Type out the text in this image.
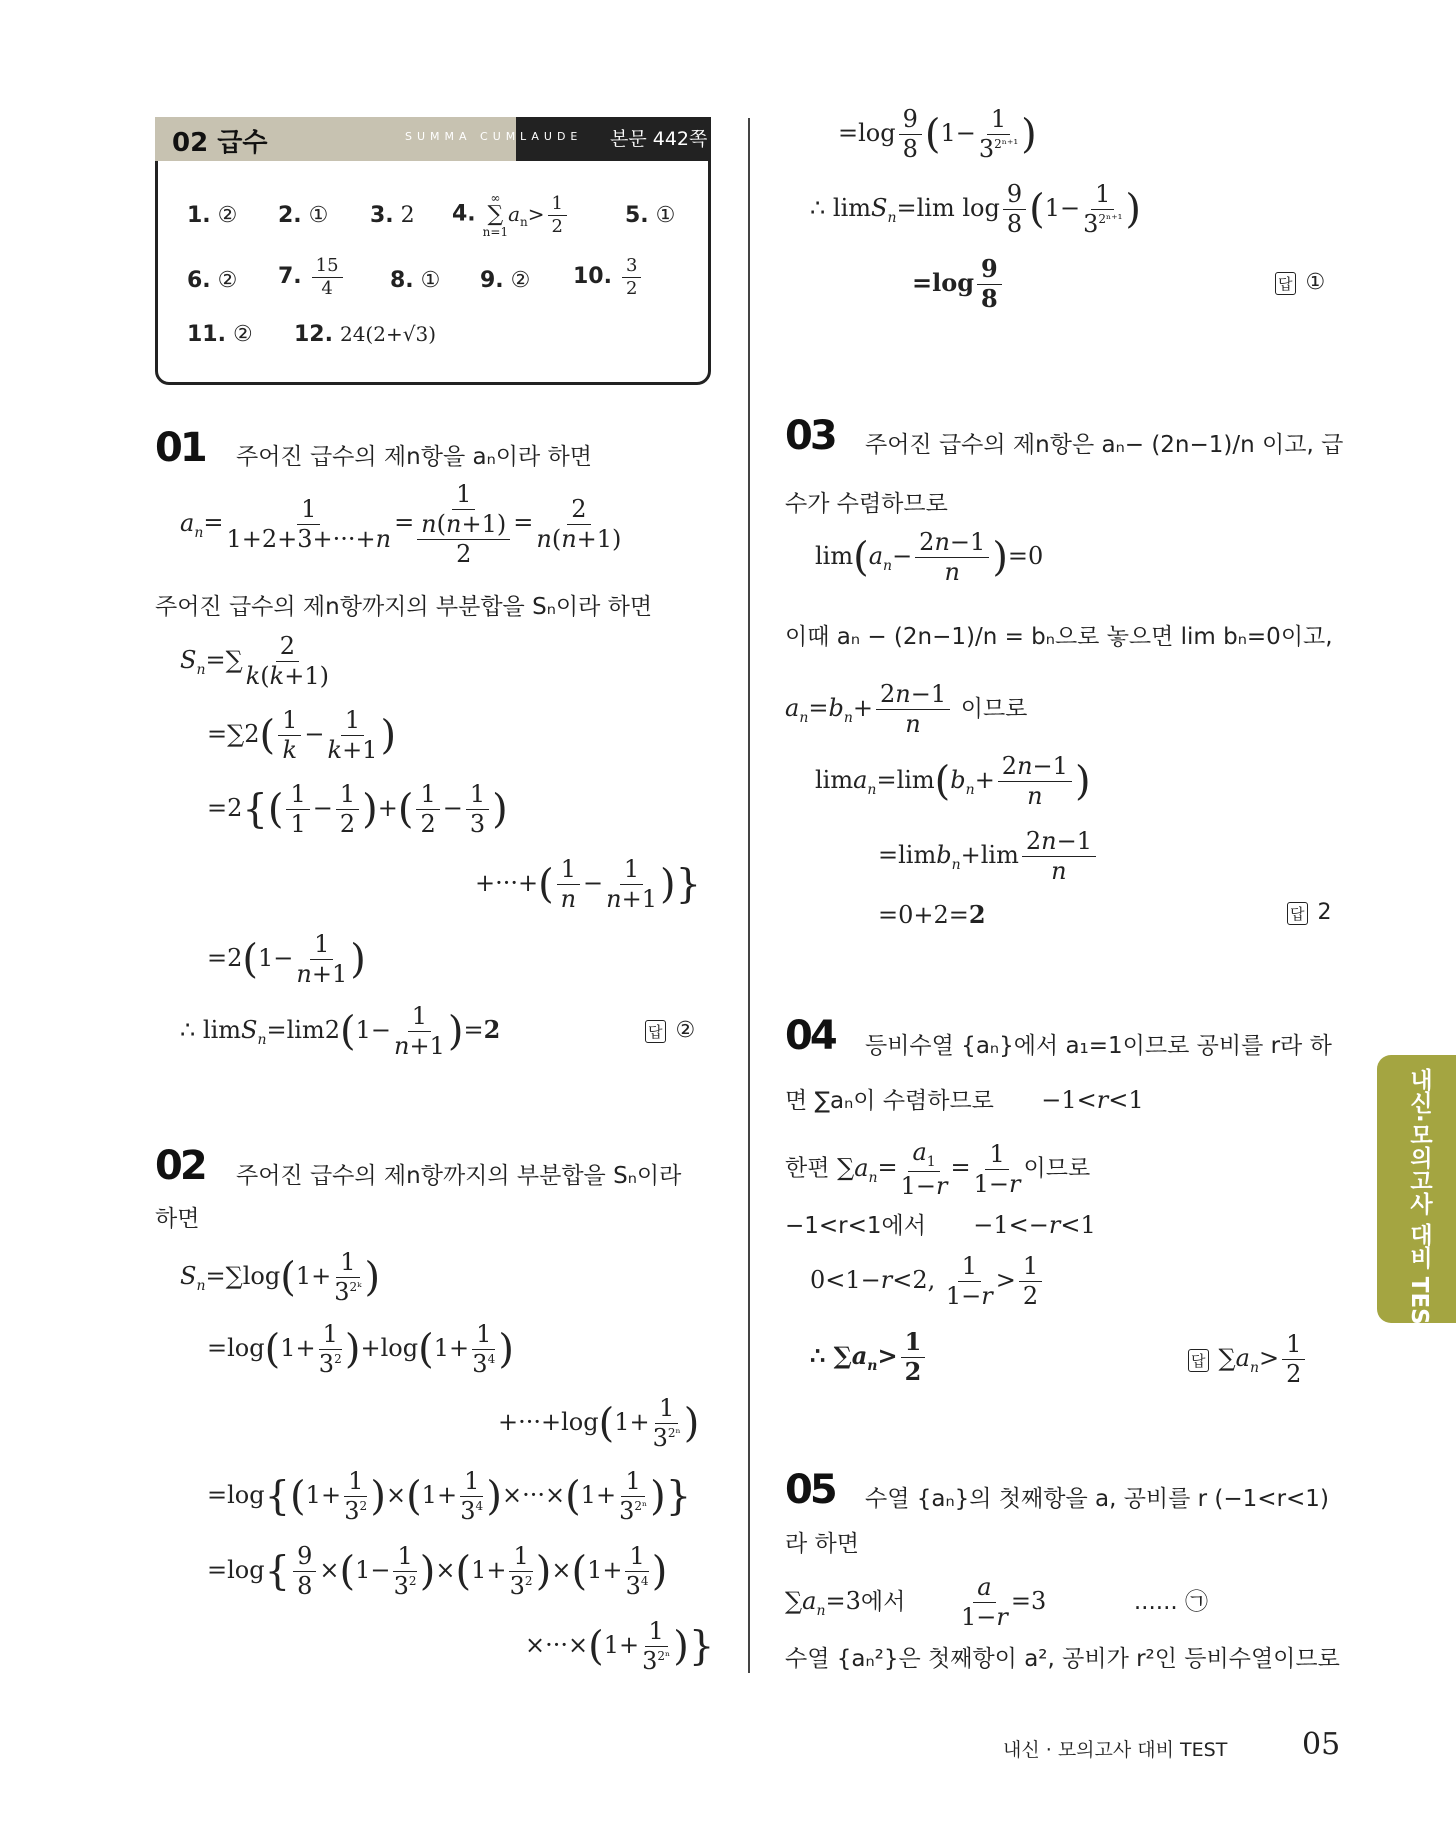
02 급수	SUMMA CUM LAUDE 본문 442쪽
1. ② 2. ① 3. 2 4.
∞
∑
n=1
$a_n> \frac{1}{2}$	5. ①
6. ② 7. $\frac{15}{4} 8$. ① 9. ② 10. $\frac{3}{2}$
11. ② 12. 24(2+√3)
01 주어진 급수의 제n항을 aₙ이라 하면
$a_n= \frac{1}{1+2+3+\cdot\cdot\cdot+n} = \frac{1}{\frac{n(n+1)}{2}} = \frac{2}{n(n+1)}$
주어진 급수의 제n항까지의 부분합을 Sₙ이라 하면
$S_n=\sum \frac{2}{k(k+1)}$
$=\sum 2( \frac{1}{k} - \frac{1}{k+1}$ )
$=2\{( \frac{1}{1} - \frac{1}{2}$ )+( $\frac{1}{2} - \frac{1}{3}$ )
+···+( $\frac{1}{n} - \frac{1}{n+1}$ )}
$=2(1- \frac{1}{n+1}$ )
∴ $\lim S_n=\lim 2(1- \frac{1}{n+1} )=2$	답 ②
02 주어진 급수의 제n항까지의 부분합을 Sₙ이라
하면
$S_n=\sum\log(1+ \frac{1}{3^{2ᵏ}}$ )
$=\log(1+ \frac{1}{3^2} )+\log(1+ \frac{1}{3^4}$ )
$+\cdot\cdot\cdot+\log(1+ \frac{1}{3^{2^n}}$ )
$=\log\{(1+ \frac{1}{3^2} )\times(1+ \frac{1}{3^4} )\times\cdot\cdot\cdot\times(1+ \frac{1}{3^{2^n}}$ )}
$=\log\{ \frac{9}{8} \times(1- \frac{1}{3^2} )\times(1+ \frac{1}{3^2} )\times(1+ \frac{1}{3^4}$ )
$\times\cdot\cdot\cdot\times(1+ \frac{1}{3^{2^n}}$ )}
$=\log \frac{9}{8} (1- \frac{1}{3^{2^{n+1}}}$ )
∴ limS$_n$=lim $\log \frac{9}{8} (1- \frac{1}{3^{2^{n+1}}}$ )
$=\log \frac{9}{8}$	답 ①
03 주어진 급수의 제n항은 aₙ− (2n−1)/n 이고, 급
수가 수렴하므로
$\lim(a_n- \frac{2n-1}{n} )=0$
이때 aₙ − (2n−1)/n = bₙ으로 놓으면 lim bₙ=0이고,
$a_n=b_n+ \frac{2n-1}{n}$ 이므로
$\lim a_n=\lim(b_n+ \frac{2n-1}{n}$ )
$=\lim b_n+\lim \frac{2n-1}{n}$
=0+2=2	답 2
04 등비수열 {aₙ}에서 a₁=1이므로 공비를 r라 하
면 ∑aₙ이 수렴하므로 −1<r<1
한편 $\sum a_n= \frac{a_1}{1-r} = \frac{1}{1-r}$ 이므로
−1<r<1에서 −1<−r<1
0<1−r<2, $\frac{1}{1-r} > \frac{1}{2}$
∴ $\sum a_n> \frac{1}{2}$	답 $\sum a_n> \frac{1}{2}$
05 수열 {aₙ}의 첫째항을 a, 공비를 r (−1<r<1)
라 하면
$\sum a_n=3$에서 $\frac{a}{1-r} =3$	...... ㉠
수열 {aₙ²}은 첫째항이 a², 공비가 r²인 등비수열이므로
내신·모의고사 대비 TEST
내신 · 모의고사 대비 TEST 05
